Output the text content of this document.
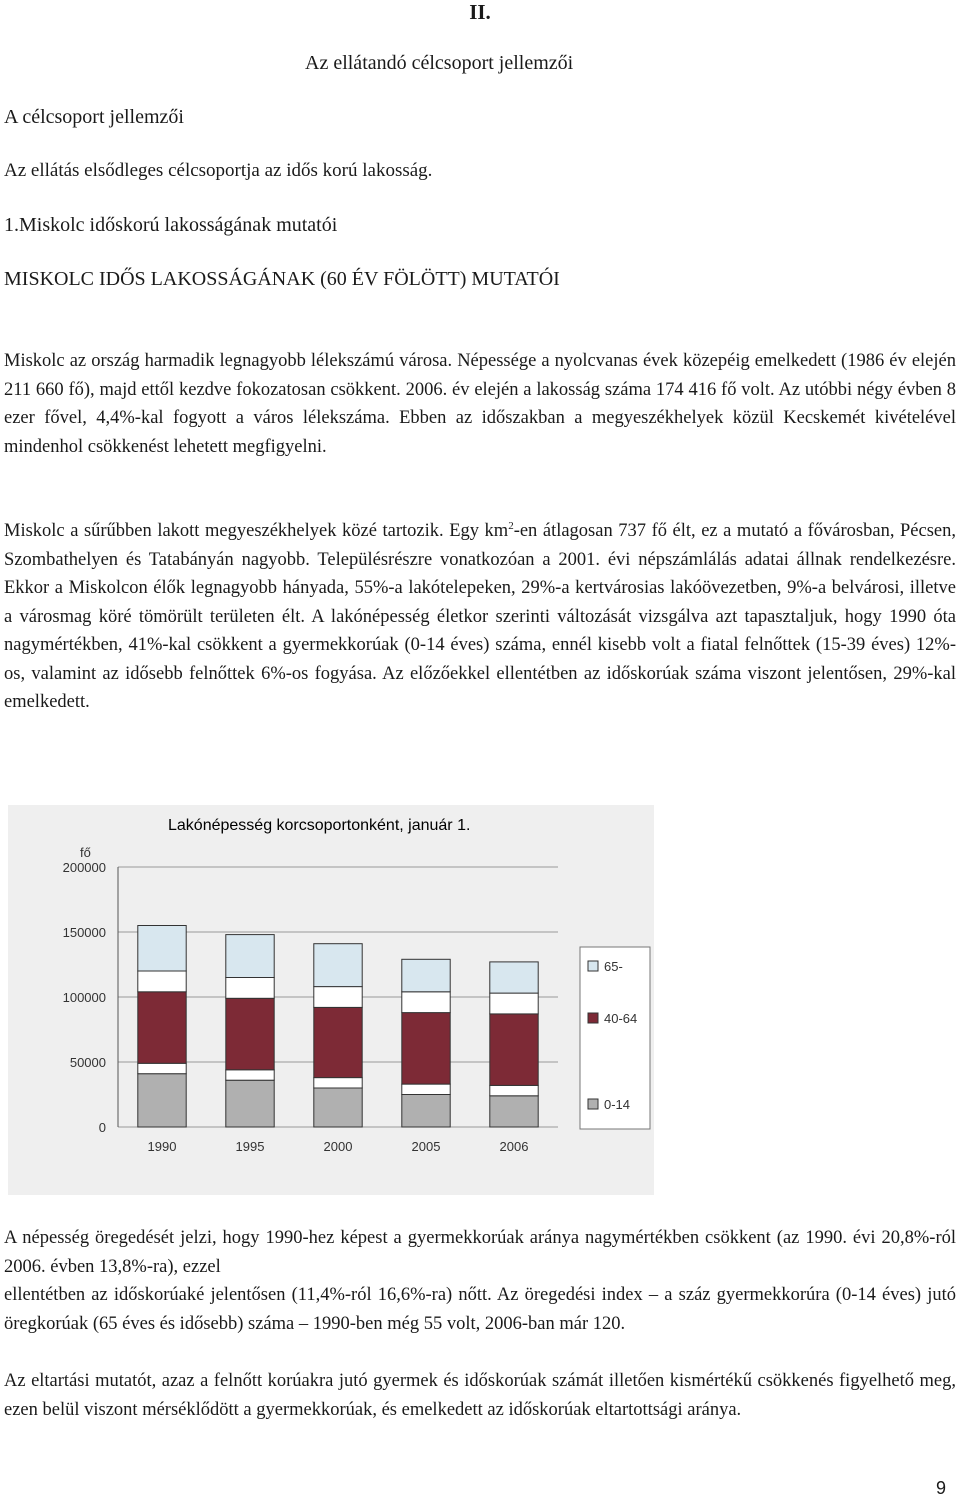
II.
Az ellátandó célcsoport jellemzői
A célcsoport jellemzői
Az ellátás elsődleges célcsoportja az idős korú lakosság.
1.Miskolc időskorú lakosságának mutatói
MISKOLC IDŐS LAKOSSÁGÁNAK (60 ÉV FÖLÖTT) MUTATÓI
Miskolc az ország harmadik legnagyobb lélekszámú városa. Népessége a nyolcvanas évek közepéig emelkedett (1986 év elején 211 660 fő), majd ettől kezdve fokozatosan csökkent. 2006. év elején a lakosság száma 174 416 fő volt. Az utóbbi négy évben 8 ezer fővel, 4,4%-kal fogyott a város lélekszáma. Ebben az időszakban a megyeszékhelyek közül Kecskemét kivételével mindenhol csökkenést lehetett megfigyelni.
Miskolc a sűrűbben lakott megyeszékhelyek közé tartozik. Egy $km^2-en$ átlagosan 737 fő élt, ez a mutató a fővárosban, Pécsen, Szombathelyen és Tatabányán nagyobb. Településrészre vonatkozóan a 2001. évi népszámlálás adatai állnak rendelkezésre. Ekkor a Miskolcon élők legnagyobb hányada, 55%-a lakótelepeken, 29%-a kertvárosias lakóövezetben, 9%-a belvárosi, illetve a városmag köré tömörült területen élt. A lakónépesség életkor szerinti változását vizsgálva azt tapasztaljuk, hogy 1990 óta nagymértékben, 41%-kal csökkent a gyermekkorúak (0-14 éves) száma, ennél kisebb volt a fiatal felnőttek (15-39 éves) 12%-os, valamint az idősebb felnőttek 6%-os fogyása. Az előzőekkel ellentétben az időskorúak száma viszont jelentősen, 29%-kal emelkedett.
Lakónépesség korcsoportonként, január 1.
fő
0
50000
100000
150000
200000
1990	1995	2000	2005	2006
65-
40-64
0-14
A népesség öregedését jelzi, hogy 1990-hez képest a gyermekkorúak aránya nagymértékben csökkent (az 1990. évi 20,8%-ról 2006. évben 13,8%-ra), ezzel
ellentétben az időskorúaké jelentősen (11,4%-ról 16,6%-ra) nőtt. Az öregedési index – a száz gyermekkorúra (0-14 éves) jutó öregkorúak (65 éves és idősebb) száma – 1990-ben még 55 volt, 2006-ban már 120.
Az eltartási mutatót, azaz a felnőtt korúakra jutó gyermek és időskorúak számát illetően kismértékű csökkenés figyelhető meg, ezen belül viszont mérséklődött a gyermekkorúak, és emelkedett az időskorúak eltartottsági aránya.
9
